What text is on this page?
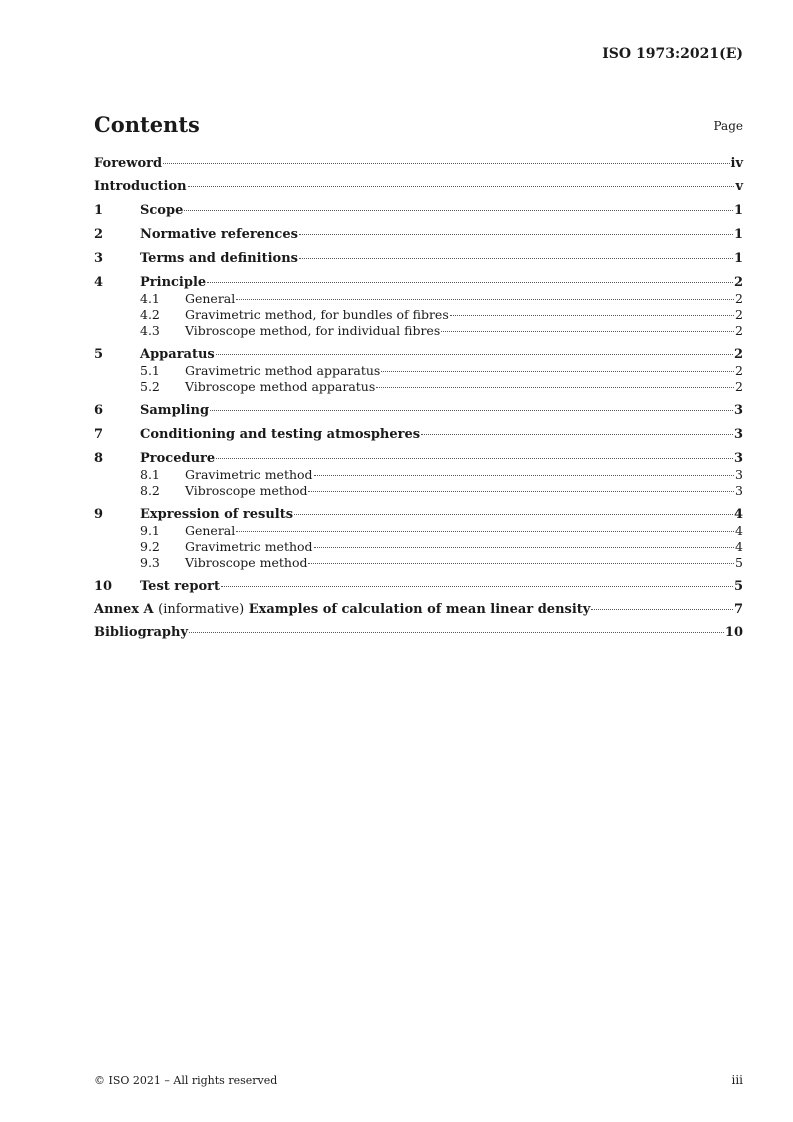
ISO 1973:2021(E)
Contents	Page
Foreword	iv
Introduction	v
1	Scope	1
2	Normative references	1
3	Terms and definitions	1
4	Principle	2
4.1	General	2
4.2	Gravimetric method, for bundles of fibres	2
4.3	Vibroscope method, for individual fibres	2
5	Apparatus	2
5.1	Gravimetric method apparatus	2
5.2	Vibroscope method apparatus	2
6	Sampling	3
7	Conditioning and testing atmospheres	3
8	Procedure	3
8.1	Gravimetric method	3
8.2	Vibroscope method	3
9	Expression of results	4
9.1	General	4
9.2	Gravimetric method	4
9.3	Vibroscope method	5
10	Test report	5
Annex A (informative) Examples of calculation of mean linear density	7
Bibliography	10
© ISO 2021 – All rights reserved	iii
